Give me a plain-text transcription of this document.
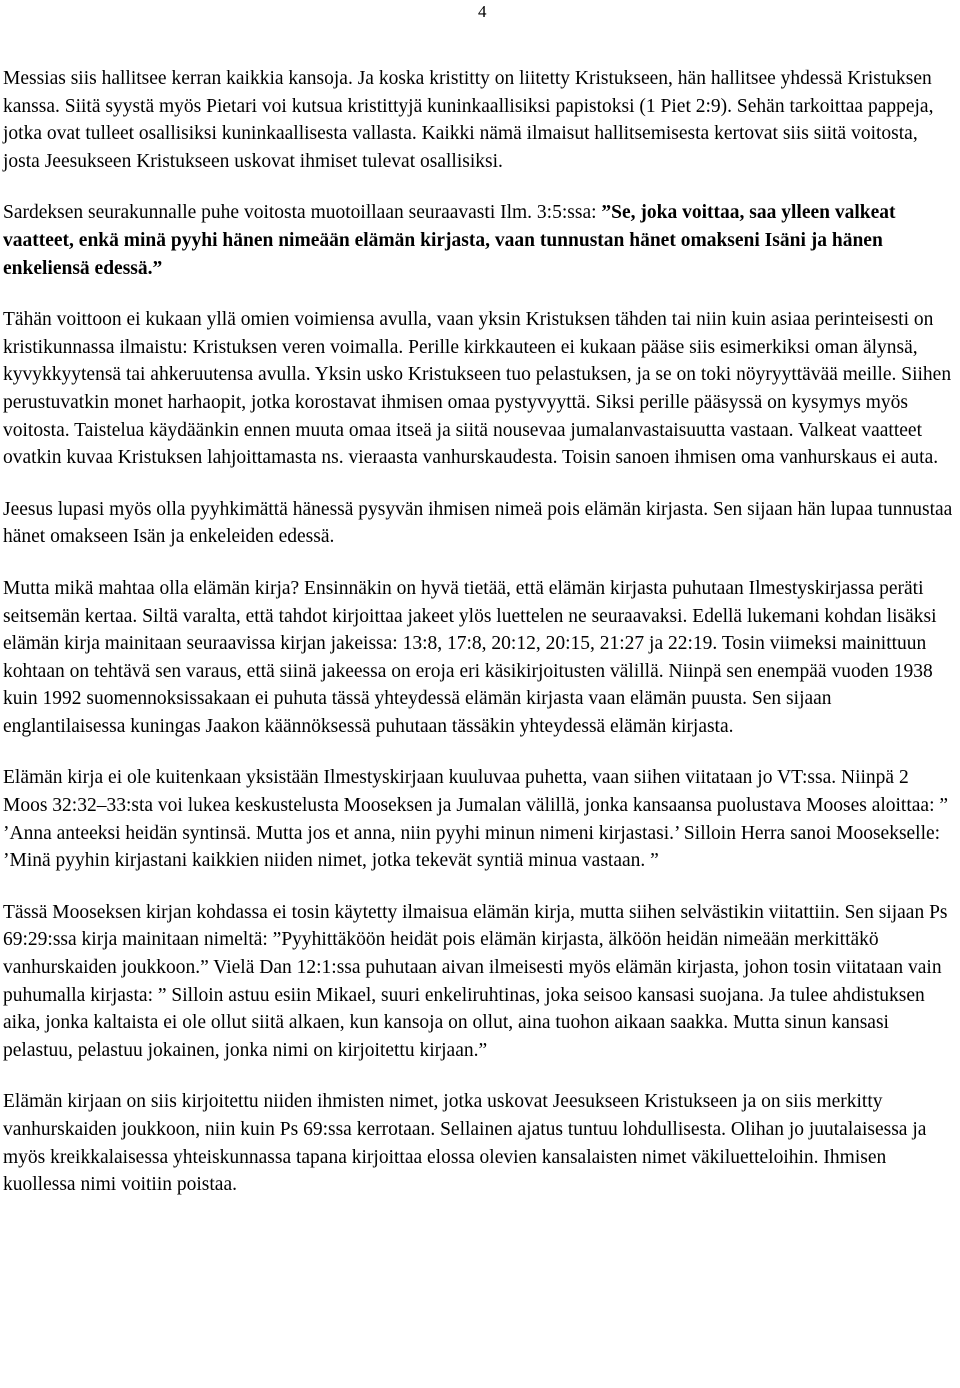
4

Messias siis hallitsee kerran kaikkia kansoja. Ja koska kristitty on liitetty Kristukseen, hän hallitsee yhdessä Kristuksen kanssa. Siitä syystä myös Pietari voi kutsua kristittyjä kuninkaallisiksi papistoksi (1 Piet 2:9). Sehän tarkoittaa pappeja, jotka ovat tulleet osallisiksi kuninkaallisesta vallasta. Kaikki nämä ilmaisut hallitsemisesta kertovat siis siitä voitosta, josta Jeesukseen Kristukseen uskovat ihmiset tulevat osallisiksi.

Sardeksen seurakunnalle puhe voitosta muotoillaan seuraavasti Ilm. 3:5:ssa: ”Se, joka voittaa, saa ylleen valkeat vaatteet, enkä minä pyyhi hänen nimeään elämän kirjasta, vaan tunnustan hänet omakseni Isäni ja hänen enkeliensä edessä.”

Tähän voittoon ei kukaan yllä omien voimiensa avulla, vaan yksin Kristuksen tähden tai niin kuin asiaa perinteisesti on kristikunnassa ilmaistu: Kristuksen veren voimalla. Perille kirkkauteen ei kukaan pääse siis esimerkiksi oman älynsä, kyvykkyytensä tai ahkeruutensa avulla. Yksin usko Kristukseen tuo pelastuksen, ja se on toki nöyryyttävää meille. Siihen perustuvatkin monet harhaopit, jotka korostavat ihmisen omaa pystyvyyttä. Siksi perille pääsyssä on kysymys myös voitosta. Taistelua käydäänkin ennen muuta omaa itseä ja siitä nousevaa jumalanvastaisuutta vastaan. Valkeat vaatteet ovatkin kuvaa Kristuksen lahjoittamasta ns. vieraasta vanhurskaudesta. Toisin sanoen ihmisen oma vanhurskaus ei auta.

Jeesus lupasi myös olla pyyhkimättä hänessä pysyvän ihmisen nimeä pois elämän kirjasta. Sen sijaan hän lupaa tunnustaa hänet omakseen Isän ja enkeleiden edessä.

Mutta mikä mahtaa olla elämän kirja? Ensinnäkin on hyvä tietää, että elämän kirjasta puhutaan Ilmestyskirjassa peräti seitsemän kertaa. Siltä varalta, että tahdot kirjoittaa jakeet ylös luettelen ne seuraavaksi. Edellä lukemani kohdan lisäksi elämän kirja mainitaan seuraavissa kirjan jakeissa: 13:8, 17:8, 20:12, 20:15, 21:27 ja 22:19. Tosin viimeksi mainittuun kohtaan on tehtävä sen varaus, että siinä jakeessa on eroja eri käsikirjoitusten välillä. Niinpä sen enempää vuoden 1938 kuin 1992 suomennoksissakaan ei puhuta tässä yhteydessä elämän kirjasta vaan elämän puusta. Sen sijaan englantilaisessa kuningas Jaakon käännöksessä puhutaan tässäkin yhteydessä elämän kirjasta.

Elämän kirja ei ole kuitenkaan yksistään Ilmestyskirjaan kuuluvaa puhetta, vaan siihen viitataan jo VT:ssa. Niinpä 2 Moos 32:32–33:sta voi lukea keskustelusta Mooseksen ja Jumalan välillä, jonka kansaansa puolustava Mooses aloittaa: ” ’Anna anteeksi heidän syntinsä. Mutta jos et anna, niin pyyhi minun nimeni kirjastasi.’ Silloin Herra sanoi Moosekselle: ’Minä pyyhin kirjastani kaikkien niiden nimet, jotka tekevät syntiä minua vastaan. ”

Tässä Mooseksen kirjan kohdassa ei tosin käytetty ilmaisua elämän kirja, mutta siihen selvästikin viitattiin. Sen sijaan Ps 69:29:ssa kirja mainitaan nimeltä: ”Pyyhittäköön heidät pois elämän kirjasta, älköön heidän nimeään merkittäkö vanhurskaiden joukkoon.” Vielä Dan 12:1:ssa puhutaan aivan ilmeisesti myös elämän kirjasta, johon tosin viitataan vain puhumalla kirjasta: ” Silloin astuu esiin Mikael, suuri enkeliruhtinas, joka seisoo kansasi suojana. Ja tulee ahdistuksen aika, jonka kaltaista ei ole ollut siitä alkaen, kun kansoja on ollut, aina tuohon aikaan saakka. Mutta sinun kansasi pelastuu, pelastuu jokainen, jonka nimi on kirjoitettu kirjaan.”

Elämän kirjaan on siis kirjoitettu niiden ihmisten nimet, jotka uskovat Jeesukseen Kristukseen ja on siis merkitty vanhurskaiden joukkoon, niin kuin Ps 69:ssa kerrotaan. Sellainen ajatus tuntuu lohdullisesta. Olihan jo juutalaisessa ja myös kreikkalaisessa yhteiskunnassa tapana kirjoittaa elossa olevien kansalaisten nimet väkiluetteloihin. Ihmisen kuollessa nimi voitiin poistaa.
